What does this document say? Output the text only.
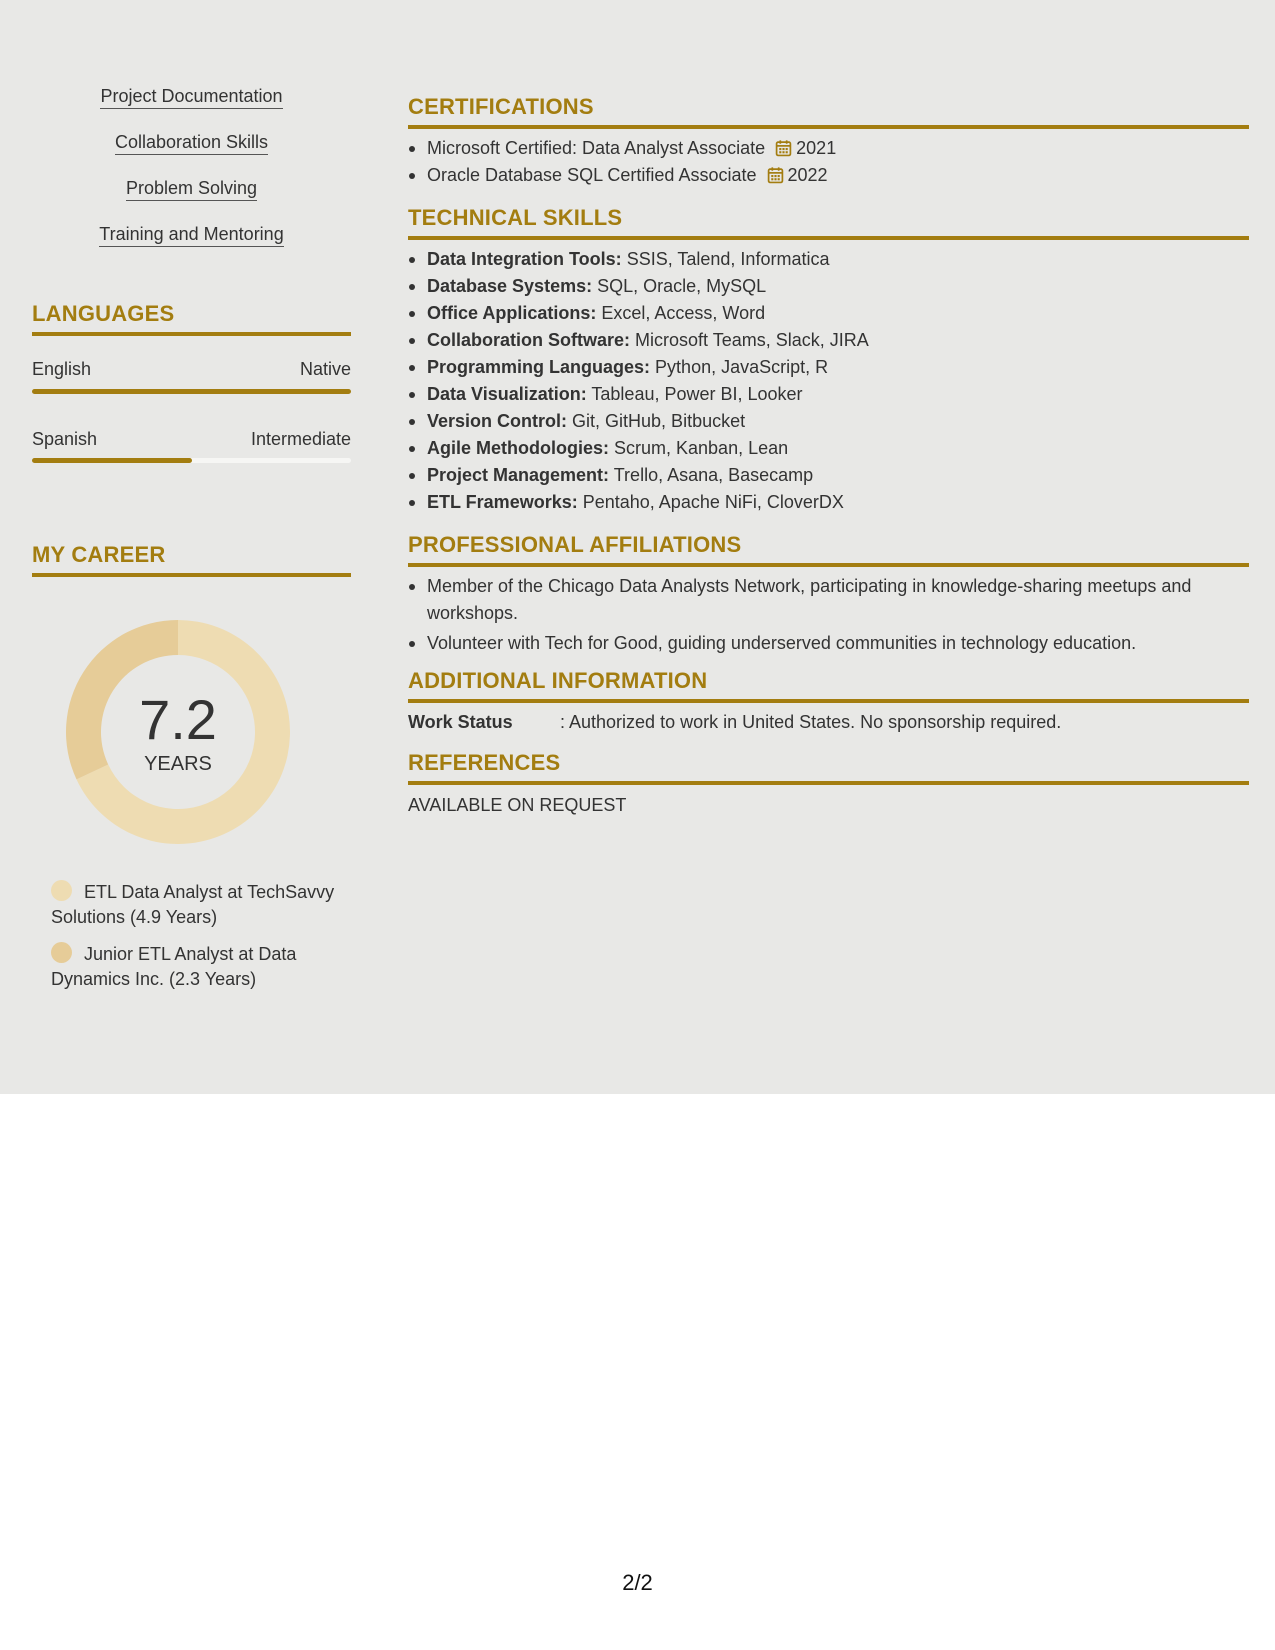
Project Documentation
Collaboration Skills
Problem Solving
Training and Mentoring
LANGUAGES
English	Native
Spanish	Intermediate
MY CAREER
7.2
YEARS
ETL Data Analyst at TechSavvy Solutions (4.9 Years)
Junior ETL Analyst at Data Dynamics Inc. (2.3 Years)
CERTIFICATIONS
Microsoft Certified: Data Analyst Associate 2021
Oracle Database SQL Certified Associate 2022
TECHNICAL SKILLS
Data Integration Tools: SSIS, Talend, Informatica
Database Systems: SQL, Oracle, MySQL
Office Applications: Excel, Access, Word
Collaboration Software: Microsoft Teams, Slack, JIRA
Programming Languages: Python, JavaScript, R
Data Visualization: Tableau, Power BI, Looker
Version Control: Git, GitHub, Bitbucket
Agile Methodologies: Scrum, Kanban, Lean
Project Management: Trello, Asana, Basecamp
ETL Frameworks: Pentaho, Apache NiFi, CloverDX
PROFESSIONAL AFFILIATIONS
Member of the Chicago Data Analysts Network, participating in knowledge-sharing meetups and workshops.
Volunteer with Tech for Good, guiding underserved communities in technology education.
ADDITIONAL INFORMATION
Work Status	: Authorized to work in United States. No sponsorship required.
REFERENCES
AVAILABLE ON REQUEST
2/2
